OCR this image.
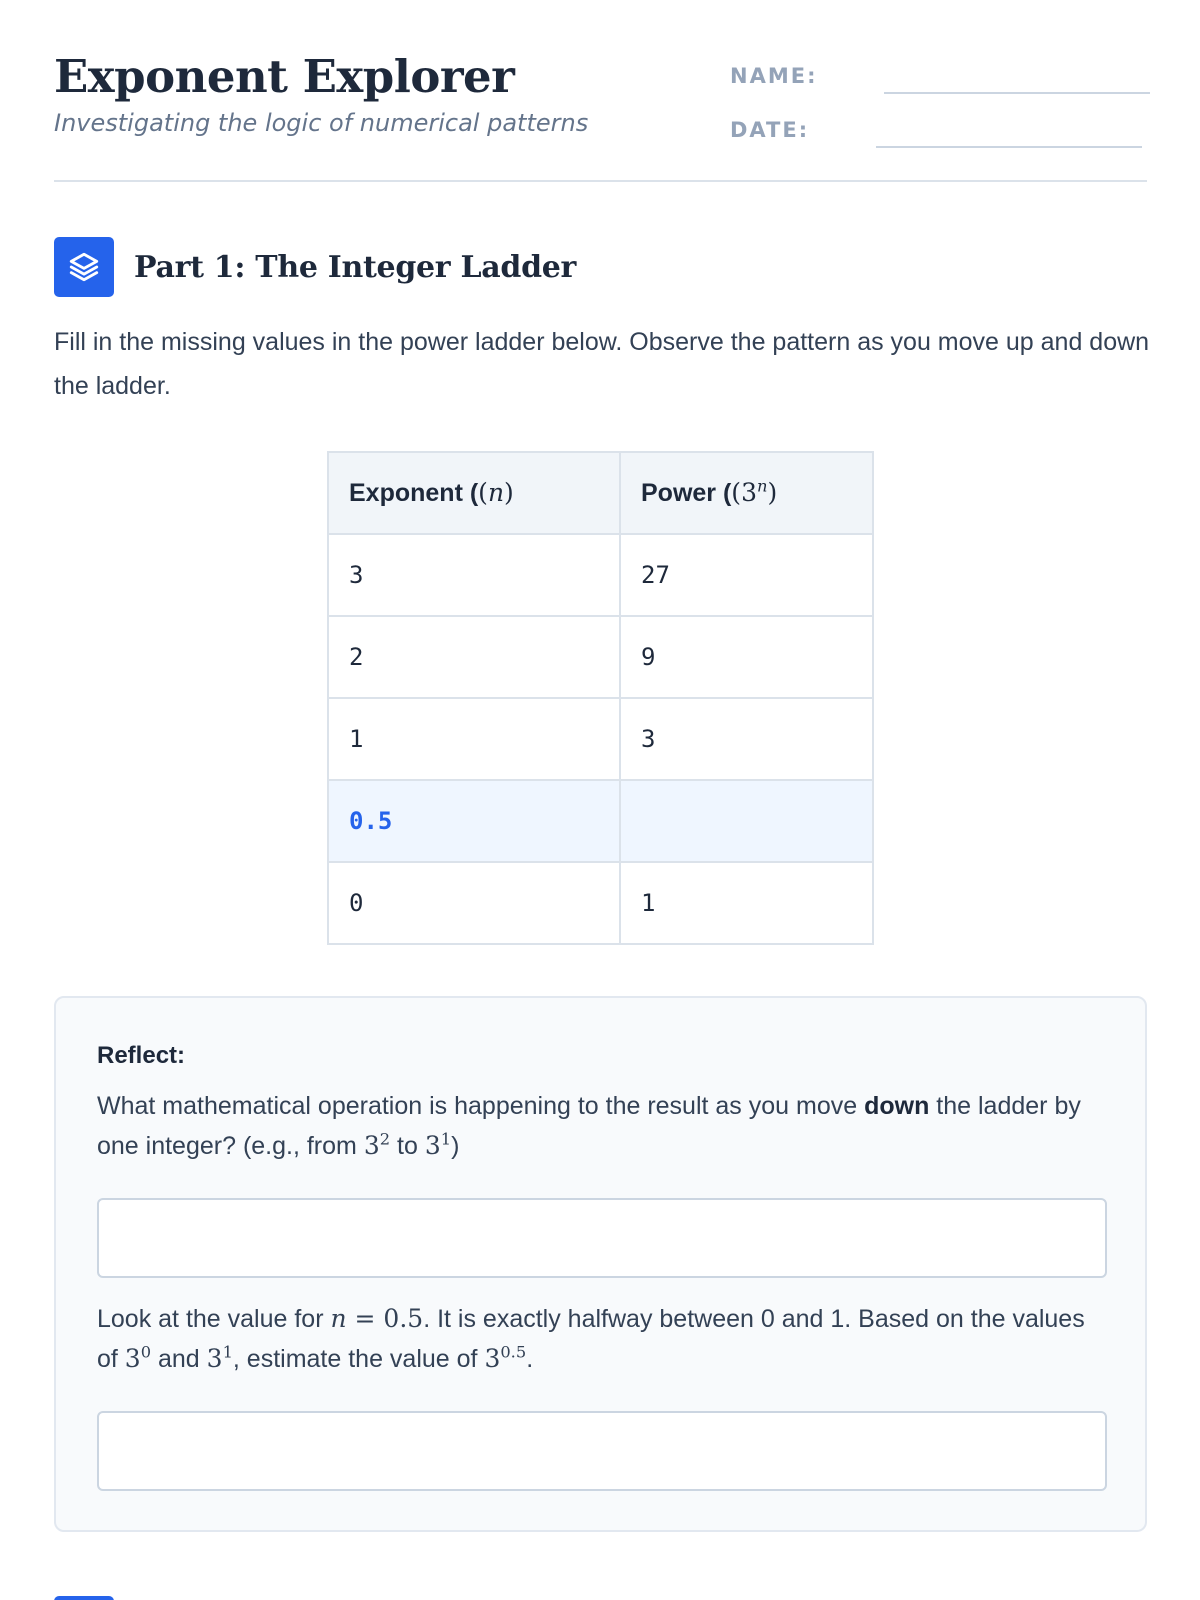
Exponent Explorer
Investigating the logic of numerical patterns
NAME:
DATE:
Part 1: The Integer Ladder

Fill in the missing values in the power ladder below. Observe the pattern as you move up and down the ladder.

Exponent ((n)	Power ((3$^n$)
3	27
2	9
1	3
0.5	
0	1
Reflect:

What mathematical operation is happening to the result as you move down the ladder by one integer? (e.g., from $3^2$ to $3^1$)

Look at the value for n = 0.5. It is exactly halfway between 0 and 1. Based on the values of $3^0$ and $3^1$, estimate the value of $3^{0.5}$.
